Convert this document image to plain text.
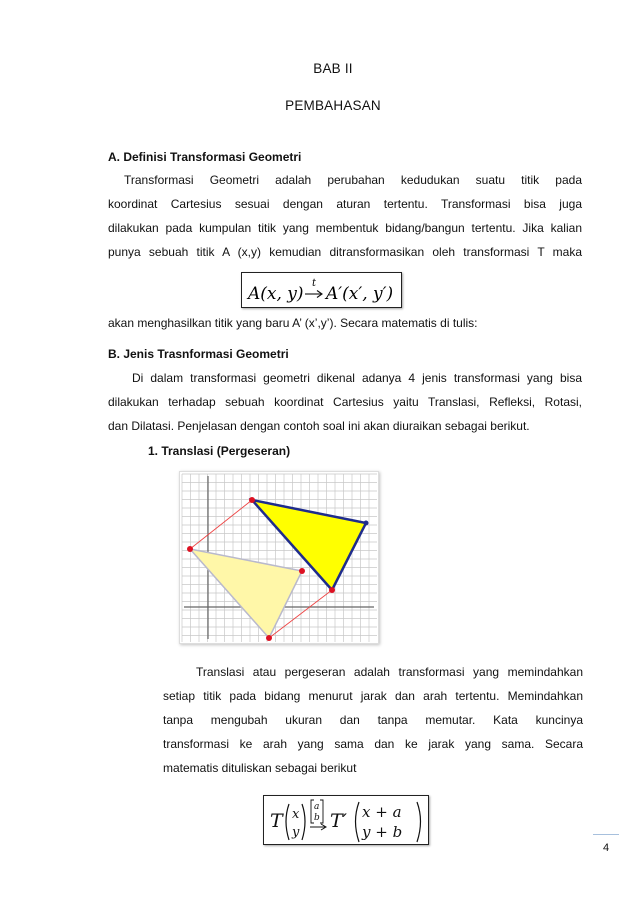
BAB II
PEMBAHASAN
A. Definisi Transformasi Geometri
Transformasi Geometri adalah perubahan kedudukan suatu titik pada
koordinat Cartesius sesuai dengan aturan tertentu. Transformasi bisa juga
dilakukan pada kumpulan titik yang membentuk bidang/bangun tertentu. Jika kalian
punya sebuah titik A (x,y) kemudian ditransformasikan oleh transformasi T maka
A(x, y)
t
A′(x′, y′)
akan menghasilkan titik yang baru A’ (x’,y’). Secara matematis di tulis:
B. Jenis Trasnformasi Geometri
Di dalam transformasi geometri dikenal adanya 4 jenis transformasi yang bisa
dilakukan terhadap sebuah koordinat Cartesius yaitu Translasi, Refleksi, Rotasi,
dan Dilatasi. Penjelasan dengan contoh soal ini akan diuraikan sebagai berikut.
1. Translasi (Pergeseran)
Translasi atau pergeseran adalah transformasi yang memindahkan
setiap titik pada bidang menurut jarak dan arah tertentu. Memindahkan
tanpa mengubah ukuran dan tanpa memutar. Kata kuncinya
transformasi ke arah yang sama dan ke jarak yang sama. Secara
matematis dituliskan sebagai berikut
T x
y
a
b T′ x + a
y + b
4
